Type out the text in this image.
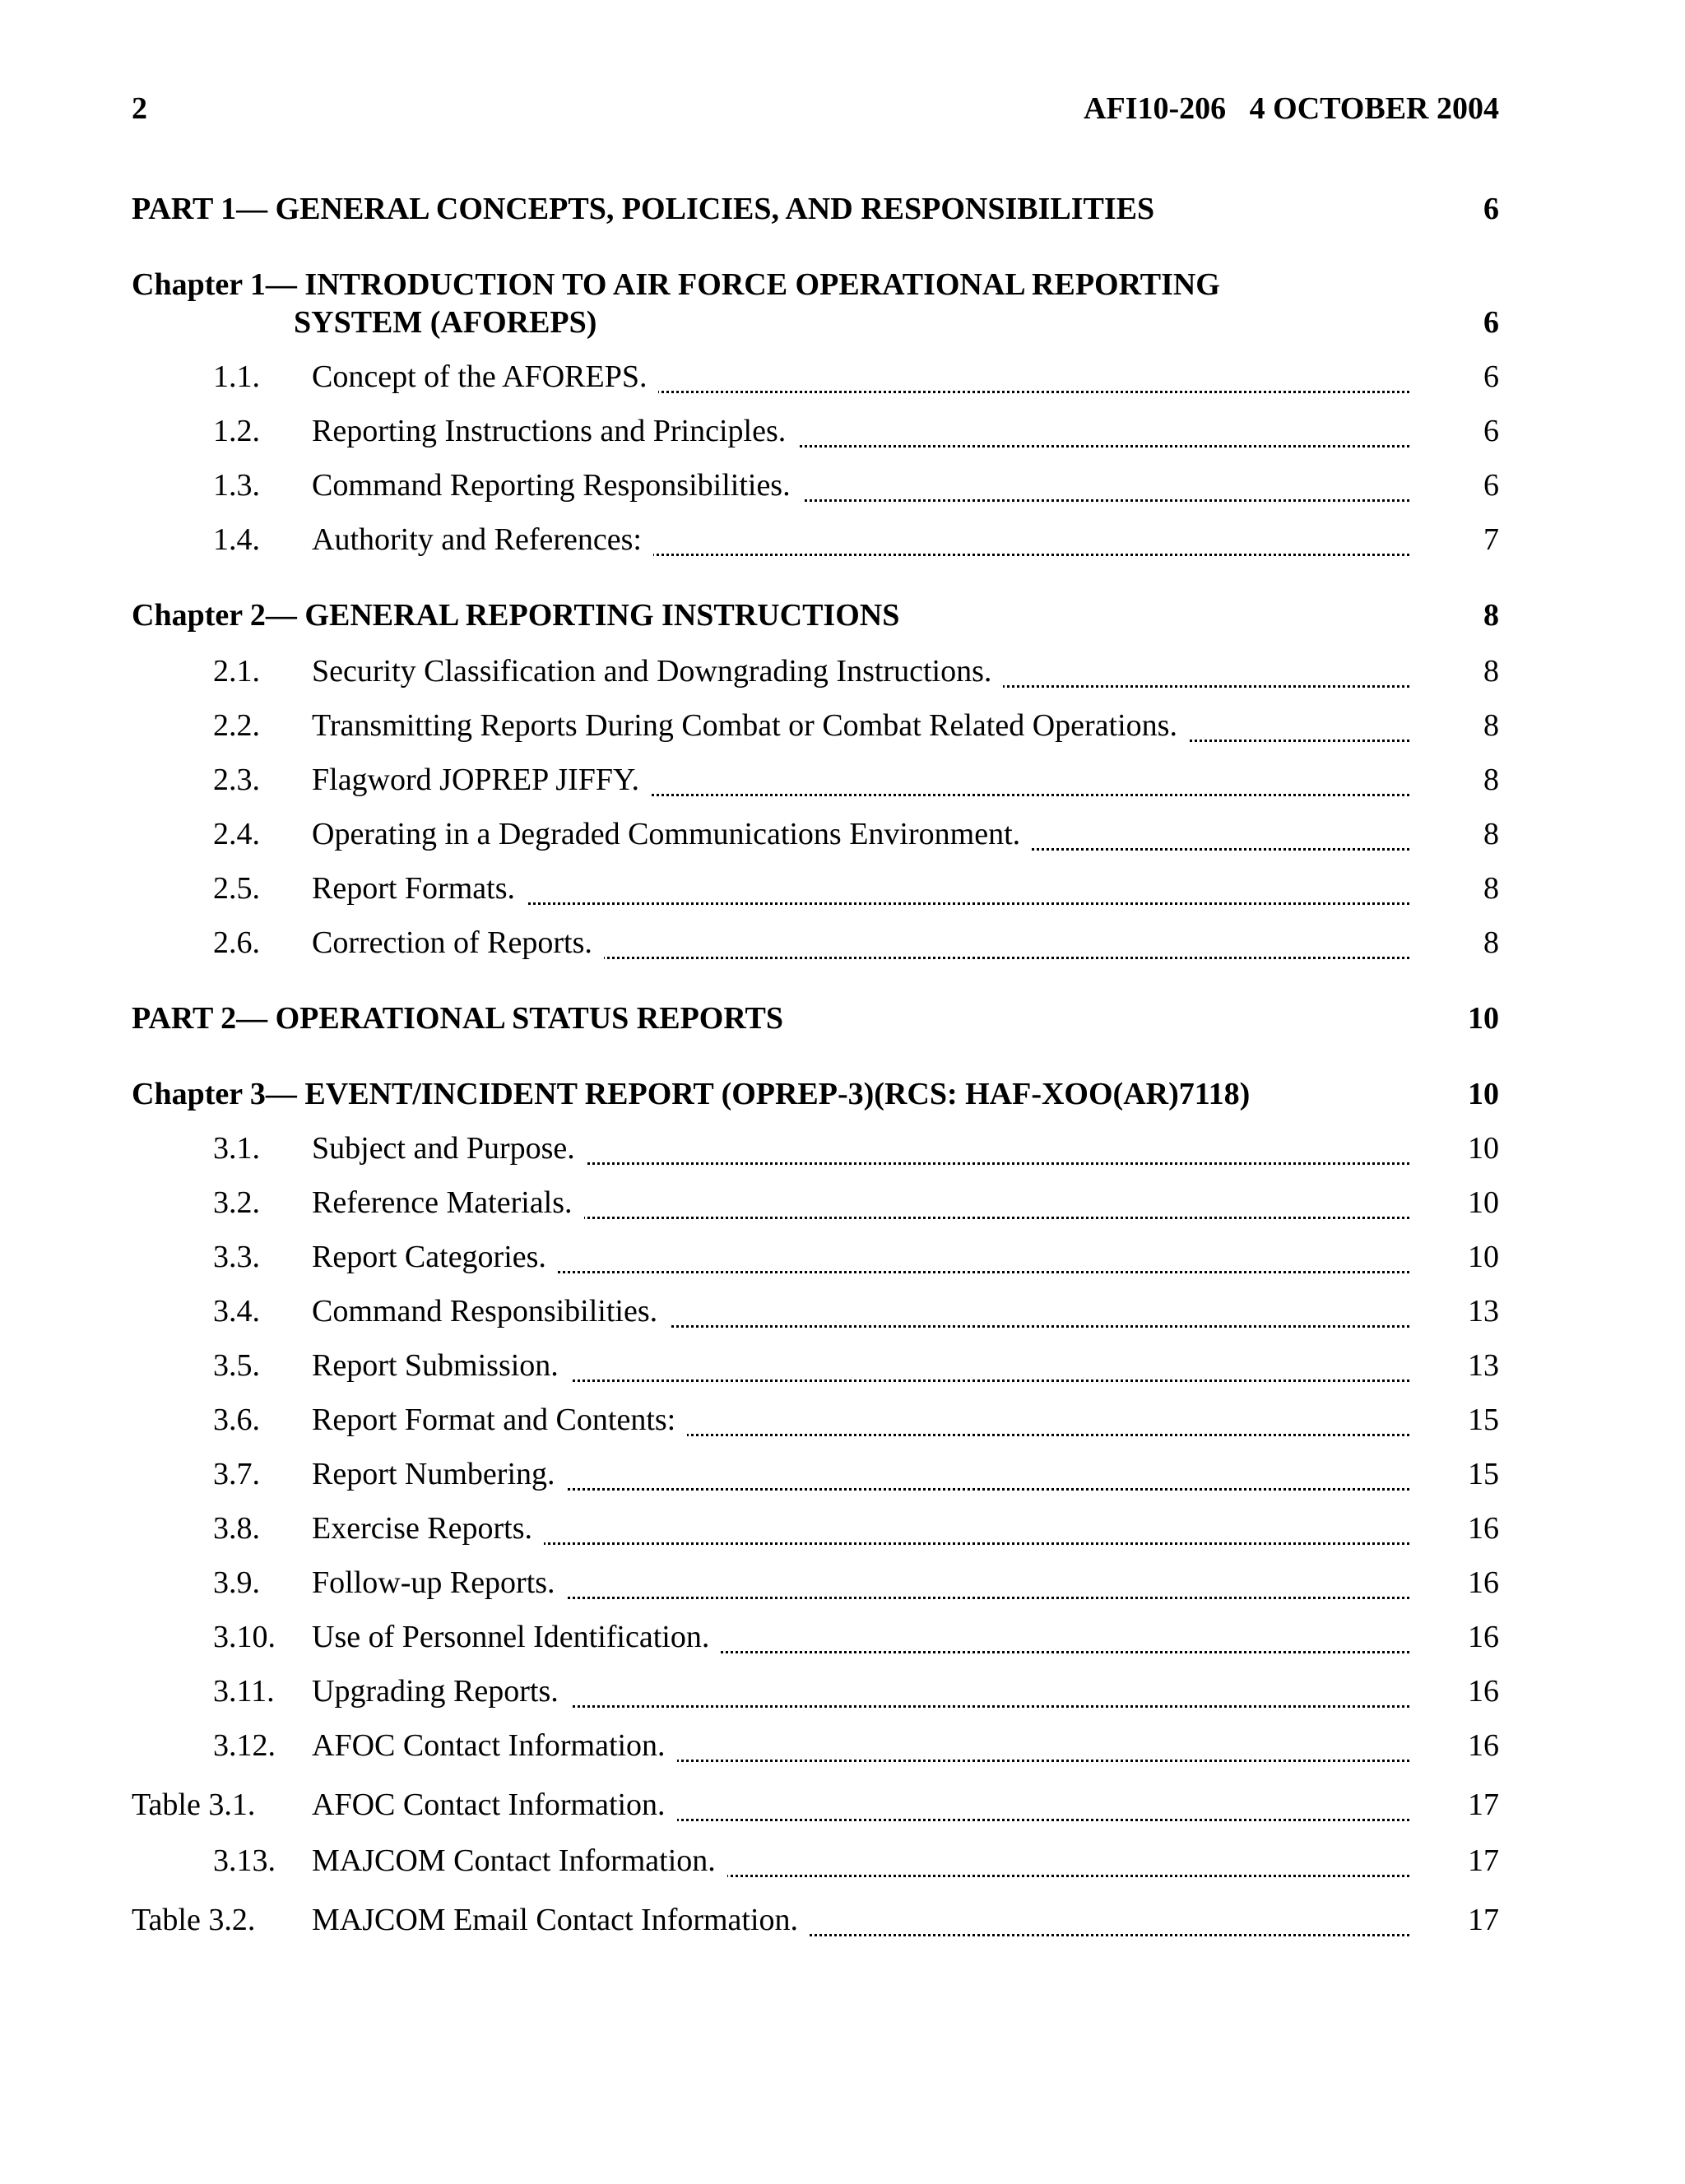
2	AFI10-206   4 OCTOBER 2004
PART 1— GENERAL CONCEPTS, POLICIES, AND RESPONSIBILITIES	6
Chapter 1— INTRODUCTION TO AIR FORCE OPERATIONAL REPORTING
SYSTEM (AFOREPS)	6
1.1. Concept of the AFOREPS.	6
1.2. Reporting Instructions and Principles.	6
1.3. Command Reporting Responsibilities.	6
1.4. Authority and References:	7
Chapter 2— GENERAL REPORTING INSTRUCTIONS	8
2.1. Security Classification and Downgrading Instructions.	8
2.2. Transmitting Reports During Combat or Combat Related Operations.	8
2.3. Flagword JOPREP JIFFY.	8
2.4. Operating in a Degraded Communications Environment.	8
2.5. Report Formats.	8
2.6. Correction of Reports.	8
PART 2— OPERATIONAL STATUS REPORTS	10
Chapter 3— EVENT/INCIDENT REPORT (OPREP-3)(RCS: HAF-XOO(AR)7118)	10
3.1. Subject and Purpose.	10
3.2. Reference Materials.	10
3.3. Report Categories.	10
3.4. Command Responsibilities.	13
3.5. Report Submission.	13
3.6. Report Format and Contents:	15
3.7. Report Numbering.	15
3.8. Exercise Reports.	16
3.9. Follow-up Reports.	16
3.10. Use of Personnel Identification.	16
3.11. Upgrading Reports.	16
3.12. AFOC Contact Information.	16
Table 3.1. AFOC Contact Information.	17
3.13. MAJCOM Contact Information.	17
Table 3.2. MAJCOM Email Contact Information.	17
